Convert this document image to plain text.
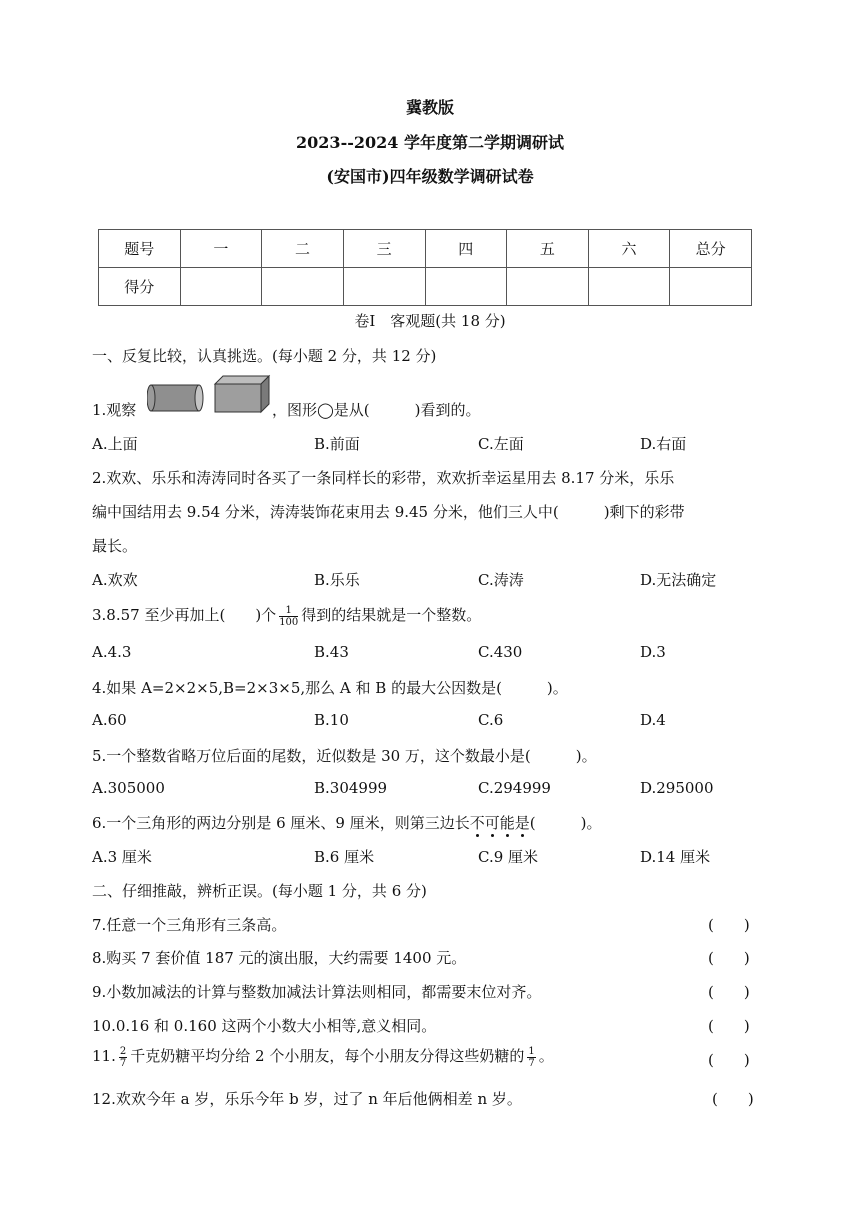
冀教版
2023--2024 学年度第二学期调研试
(安国市)四年级数学调研试卷
题号	一	二	三	四	五	六	总分
得分							
卷Ⅰ　客观题(共 18 分)
一、反复比较，认真挑选。(每小题 2 分，共 12 分)
1.观察	，图形◯是从(　　　)看到的。
A.上面	B.前面	C.左面	D.右面
2.欢欢、乐乐和涛涛同时各买了一条同样长的彩带，欢欢折幸运星用去 8.17 分米，乐乐
编中国结用去 9.54 分米，涛涛装饰花束用去 9.45 分米，他们三人中(　　　)剩下的彩带
最长。
A.欢欢	B.乐乐	C.涛涛	D.无法确定
3.8.57 至少再加上(　　)个 $\frac{1}{100}$ 得到的结果就是一个整数。
A.4.3	B.43	C.430	D.3
4.如果 A=2×2×5,B=2×3×5,那么 A 和 B 的最大公因数是(　　　)。
A.60	B.10	C.6	D.4
5.一个整数省略万位后面的尾数，近似数是 30 万，这个数最小是(　　　)。
A.305000	B.304999	C.294999	D.295000
6.一个三角形的两边分别是 6 厘米、9 厘米，则第三边长不可能是(　　　)。
A.3 厘米	B.6 厘米	C.9 厘米	D.14 厘米
二、仔细推敲，辨析正误。(每小题 1 分，共 6 分)
7.任意一个三角形有三条高。	(　　)
8.购买 7 套价值 187 元的演出服，大约需要 1400 元。	(　　)
9.小数加减法的计算与整数加减法计算法则相同，都需要末位对齐。	(　　)
10.0.16 和 0.160 这两个小数大小相等,意义相同。	(　　)
11. $\frac{2}{7}$ 千克奶糖平均分给 2 个小朋友，每个小朋友分得这些奶糖的 $\frac{1}{7}$ 。	(　　)
12.欢欢今年 a 岁，乐乐今年 b 岁，过了 n 年后他俩相差 n 岁。	(　　)
